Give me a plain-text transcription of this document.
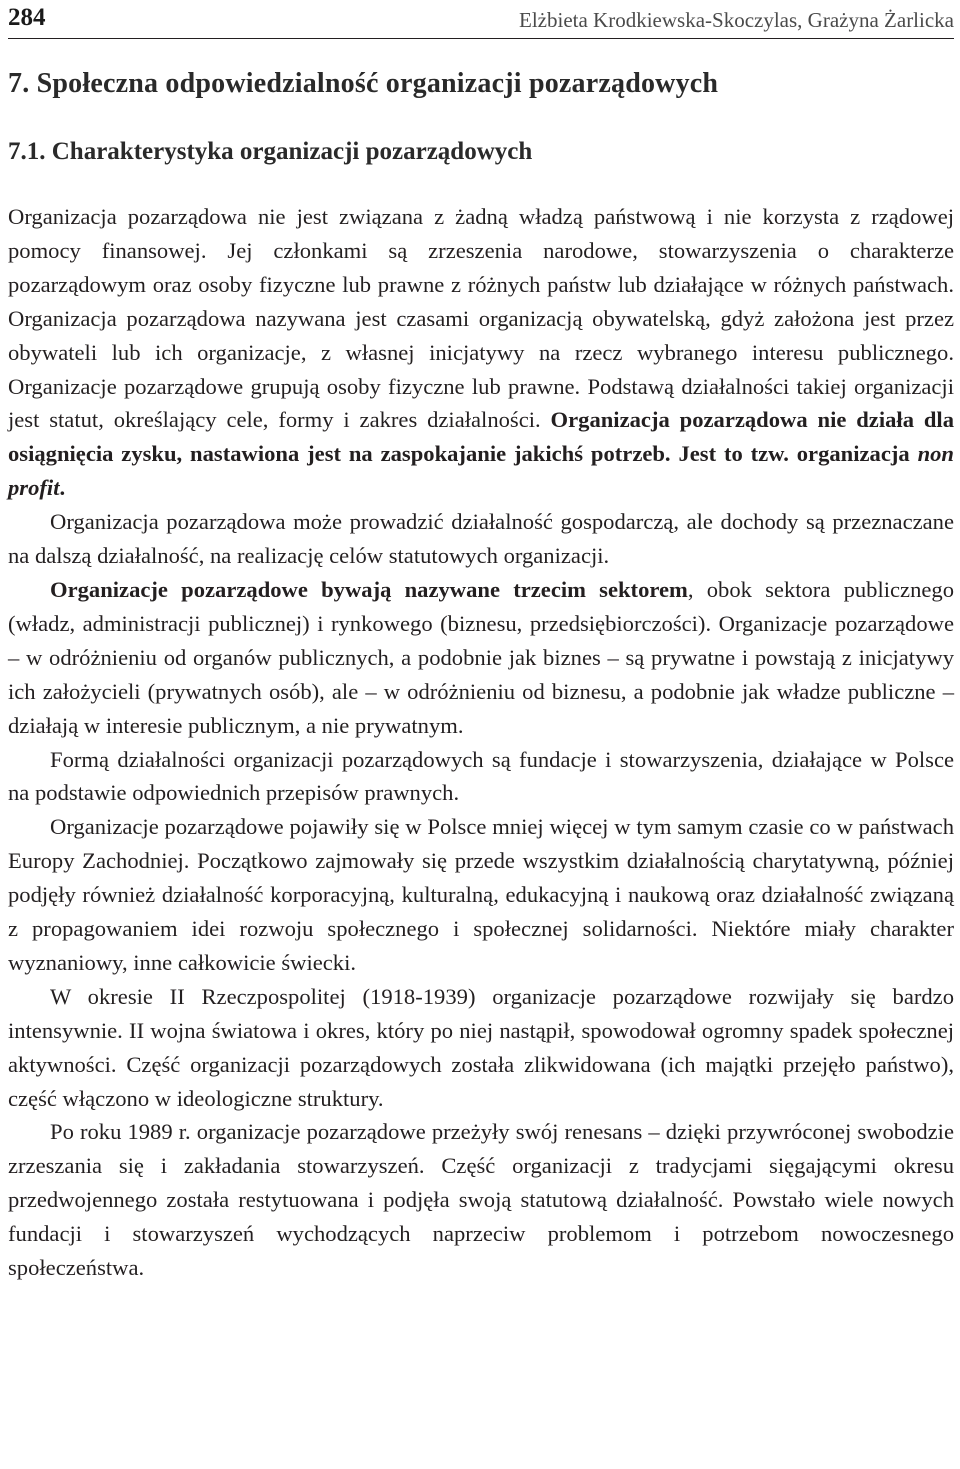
284	Elżbieta Krodkiewska-Skoczylas, Grażyna Żarlicka
7. Społeczna odpowiedzialność organizacji pozarządowych
7.1. Charakterystyka organizacji pozarządowych

Organizacja pozarządowa nie jest związana z żadną władzą państwową i nie korzysta z rządowej pomocy finansowej. Jej członkami są zrzeszenia narodowe, stowarzyszenia o charakterze pozarządowym oraz osoby fizyczne lub prawne z różnych państw lub działające w różnych państwach. Organizacja pozarządowa nazywana jest czasami organizacją obywatelską, gdyż założona jest przez obywateli lub ich organizacje, z własnej inicjatywy na rzecz wybranego interesu publicznego. Organizacje pozarządowe grupują osoby fizyczne lub prawne. Podstawą działalności takiej organizacji jest statut, określający cele, formy i zakres działalności. Organizacja pozarządowa nie działa dla osiągnięcia zysku, nastawiona jest na zaspokajanie jakichś potrzeb. Jest to tzw. organizacja non profit.

Organizacja pozarządowa może prowadzić działalność gospodarczą, ale dochody są przeznaczane na dalszą działalność, na realizację celów statutowych organizacji.

Organizacje pozarządowe bywają nazywane trzecim sektorem, obok sektora publicznego (władz, administracji publicznej) i rynkowego (biznesu, przedsiębiorczości). Organizacje pozarządowe – w odróżnieniu od organów publicznych, a podobnie jak biznes – są prywatne i powstają z inicjatywy ich założycieli (prywatnych osób), ale – w odróżnieniu od biznesu, a podobnie jak władze publiczne – działają w interesie publicznym, a nie prywatnym.

Formą działalności organizacji pozarządowych są fundacje i stowarzyszenia, działające w Polsce na podstawie odpowiednich przepisów prawnych.

Organizacje pozarządowe pojawiły się w Polsce mniej więcej w tym samym czasie co w państwach Europy Zachodniej. Początkowo zajmowały się przede wszystkim działalnością charytatywną, później podjęły również działalność korporacyjną, kulturalną, edukacyjną i naukową oraz działalność związaną z propagowaniem idei rozwoju społecznego i społecznej solidarności. Niektóre miały charakter wyznaniowy, inne całkowicie świecki.

W okresie II Rzeczpospolitej (1918-1939) organizacje pozarządowe rozwijały się bardzo intensywnie. II wojna światowa i okres, który po niej nastąpił, spowodował ogromny spadek społecznej aktywności. Część organizacji pozarządowych została zlikwidowana (ich majątki przejęło państwo), część włączono w ideologiczne struktury.

Po roku 1989 r. organizacje pozarządowe przeżyły swój renesans – dzięki przywróconej swobodzie zrzeszania się i zakładania stowarzyszeń. Część organizacji z tradycjami sięgającymi okresu przedwojennego została restytuowana i podjęła swoją statutową działalność. Powstało wiele nowych fundacji i stowarzyszeń wychodzących naprzeciw problemom i potrzebom nowoczesnego społeczeństwa.
